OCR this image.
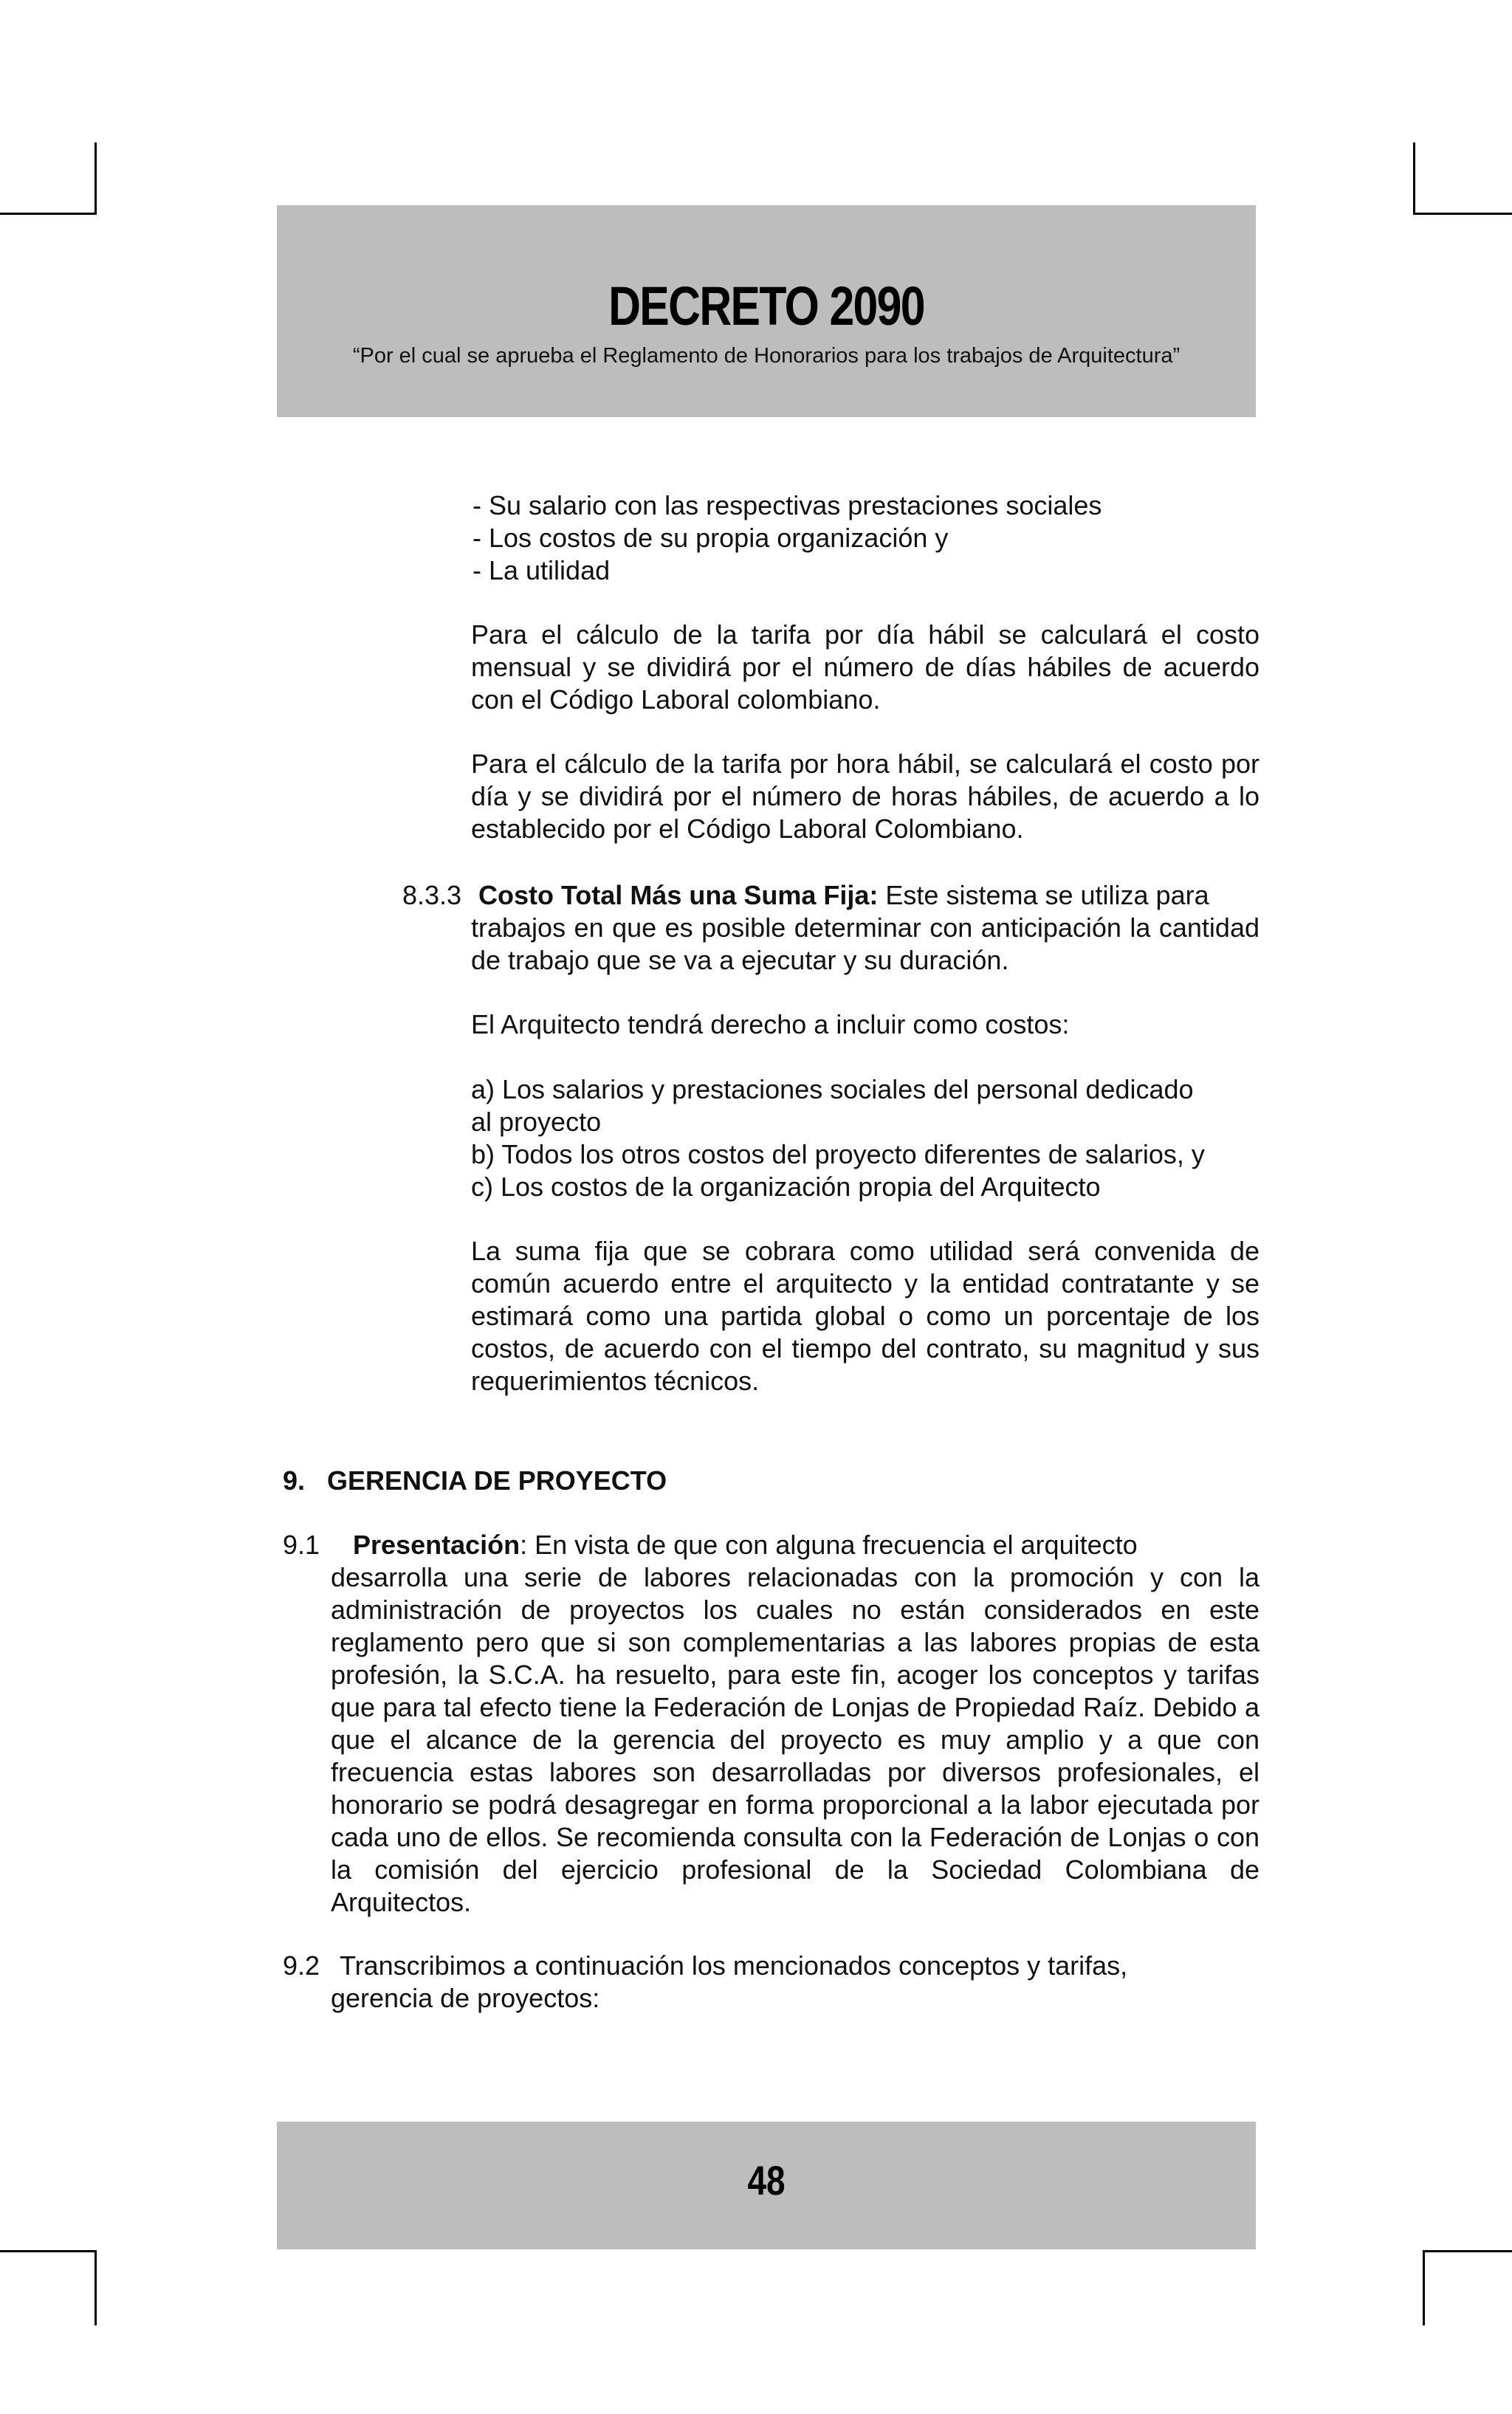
DECRETO 2090
“Por el cual se aprueba el Reglamento de Honorarios para los trabajos de Arquitectura”
- Su salario con las respectivas prestaciones sociales
- Los costos de su propia organización y
- La utilidad
Para el cálculo de la tarifa por día hábil se calculará el costo mensual y se dividirá por el número de días hábiles de acuerdo con el Código Laboral colombiano.
Para el cálculo de la tarifa por hora hábil, se calculará el costo por día y se dividirá por el número de horas hábiles, de acuerdo a lo establecido por el Código Laboral Colombiano.
8.3.3 Costo Total Más una Suma Fija: Este sistema se utiliza para
trabajos en que es posible determinar con anticipación la cantidad de trabajo que se va a ejecutar y su duración.
El Arquitecto tendrá derecho a incluir como costos:
a) Los salarios y prestaciones sociales del personal dedicado
al proyecto
b) Todos los otros costos del proyecto diferentes de salarios, y
c) Los costos de la organización propia del Arquitecto
La suma fija que se cobrara como utilidad será convenida de común acuerdo entre el arquitecto y la entidad contratante y se estimará como una partida global o como un porcentaje de los costos, de acuerdo con el tiempo del contrato, su magnitud y sus requerimientos técnicos.
9.   GERENCIA DE PROYECTO
9.1 Presentación: En vista de que con alguna frecuencia el arquitecto
desarrolla una serie de labores relacionadas con la promoción y con la administración de proyectos los cuales no están considerados en este reglamento pero que si son complementarias a las labores propias de esta profesión, la S.C.A. ha resuelto, para este fin, acoger los conceptos y tarifas que para tal efecto tiene la Federación de Lonjas de Propiedad Raíz. Debido a que el alcance de la gerencia del proyecto es muy amplio y a que con frecuencia estas labores son desarrolladas por diversos profesionales, el honorario se podrá desagregar en forma proporcional a la labor ejecutada por cada uno de ellos. Se recomienda consulta con la Federación de Lonjas o con la comisión del ejercicio profesional de la Sociedad Colombiana de Arquitectos.
9.2 Transcribimos a continuación los mencionados conceptos y tarifas,
gerencia de proyectos:
48
